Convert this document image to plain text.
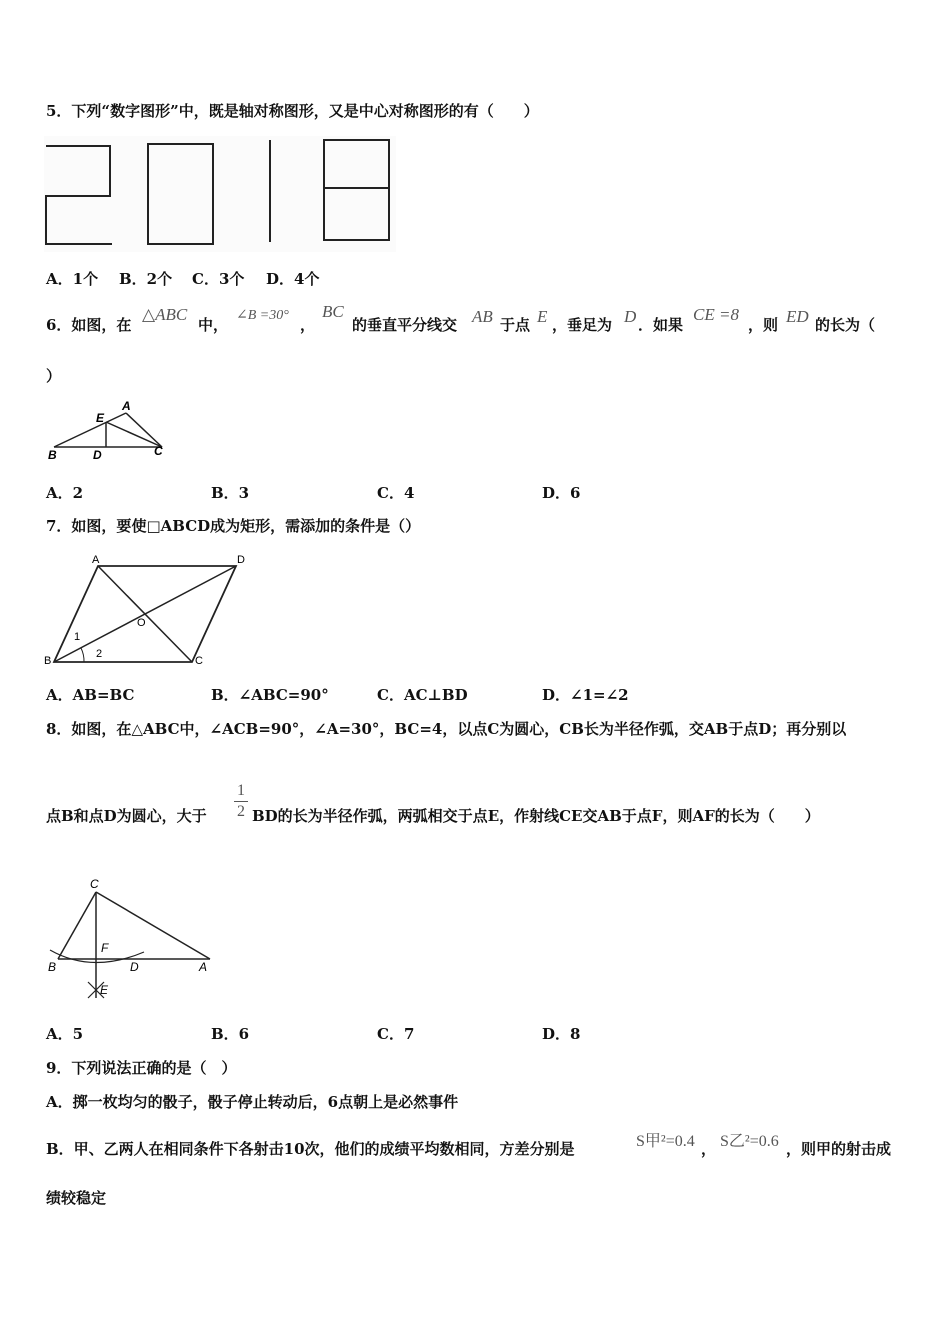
5．下列“数字图形”中，既是轴对称图形，又是中心对称图形的有（　　）
A．1个 B．2个 C．3个 D．4个
6．如图，在
△ABC
中，
∠B =30°
，
BC
的垂直平分线交 AB 于点 E ，垂足为 D ．如果
CE =8
，则 ED 的长为（
）
E
A
B	D	C
A．2	B．3	C．4	D．6
7．如图，要使□ABCD成为矩形，需添加的条件是（）
A	D
O
1
2
B	C
A．AB=BC	B．∠ABC=90°	C．AC⊥BD	D．∠1=∠2
8．如图，在△ABC中，∠ACB=90°，∠A=30°，BC=4，以点C为圆心，CB长为半径作弧，交AB于点D；再分别以
点B和点D为圆心，大于
1
2 BD的长为半径作弧，两弧相交于点E，作射线CE交AB于点F，则AF的长为（　　）
C
F
B	D	A
E
A．5	B．6	C．7	D．8
9．下列说法正确的是（　）
A．掷一枚均匀的骰子，骰子停止转动后，6点朝上是必然事件
B．甲、乙两人在相同条件下各射击10次，他们的成绩平均数相同，方差分别是	S甲²=0.4 ， S乙²=0.6 ，则甲的射击成
绩较稳定
